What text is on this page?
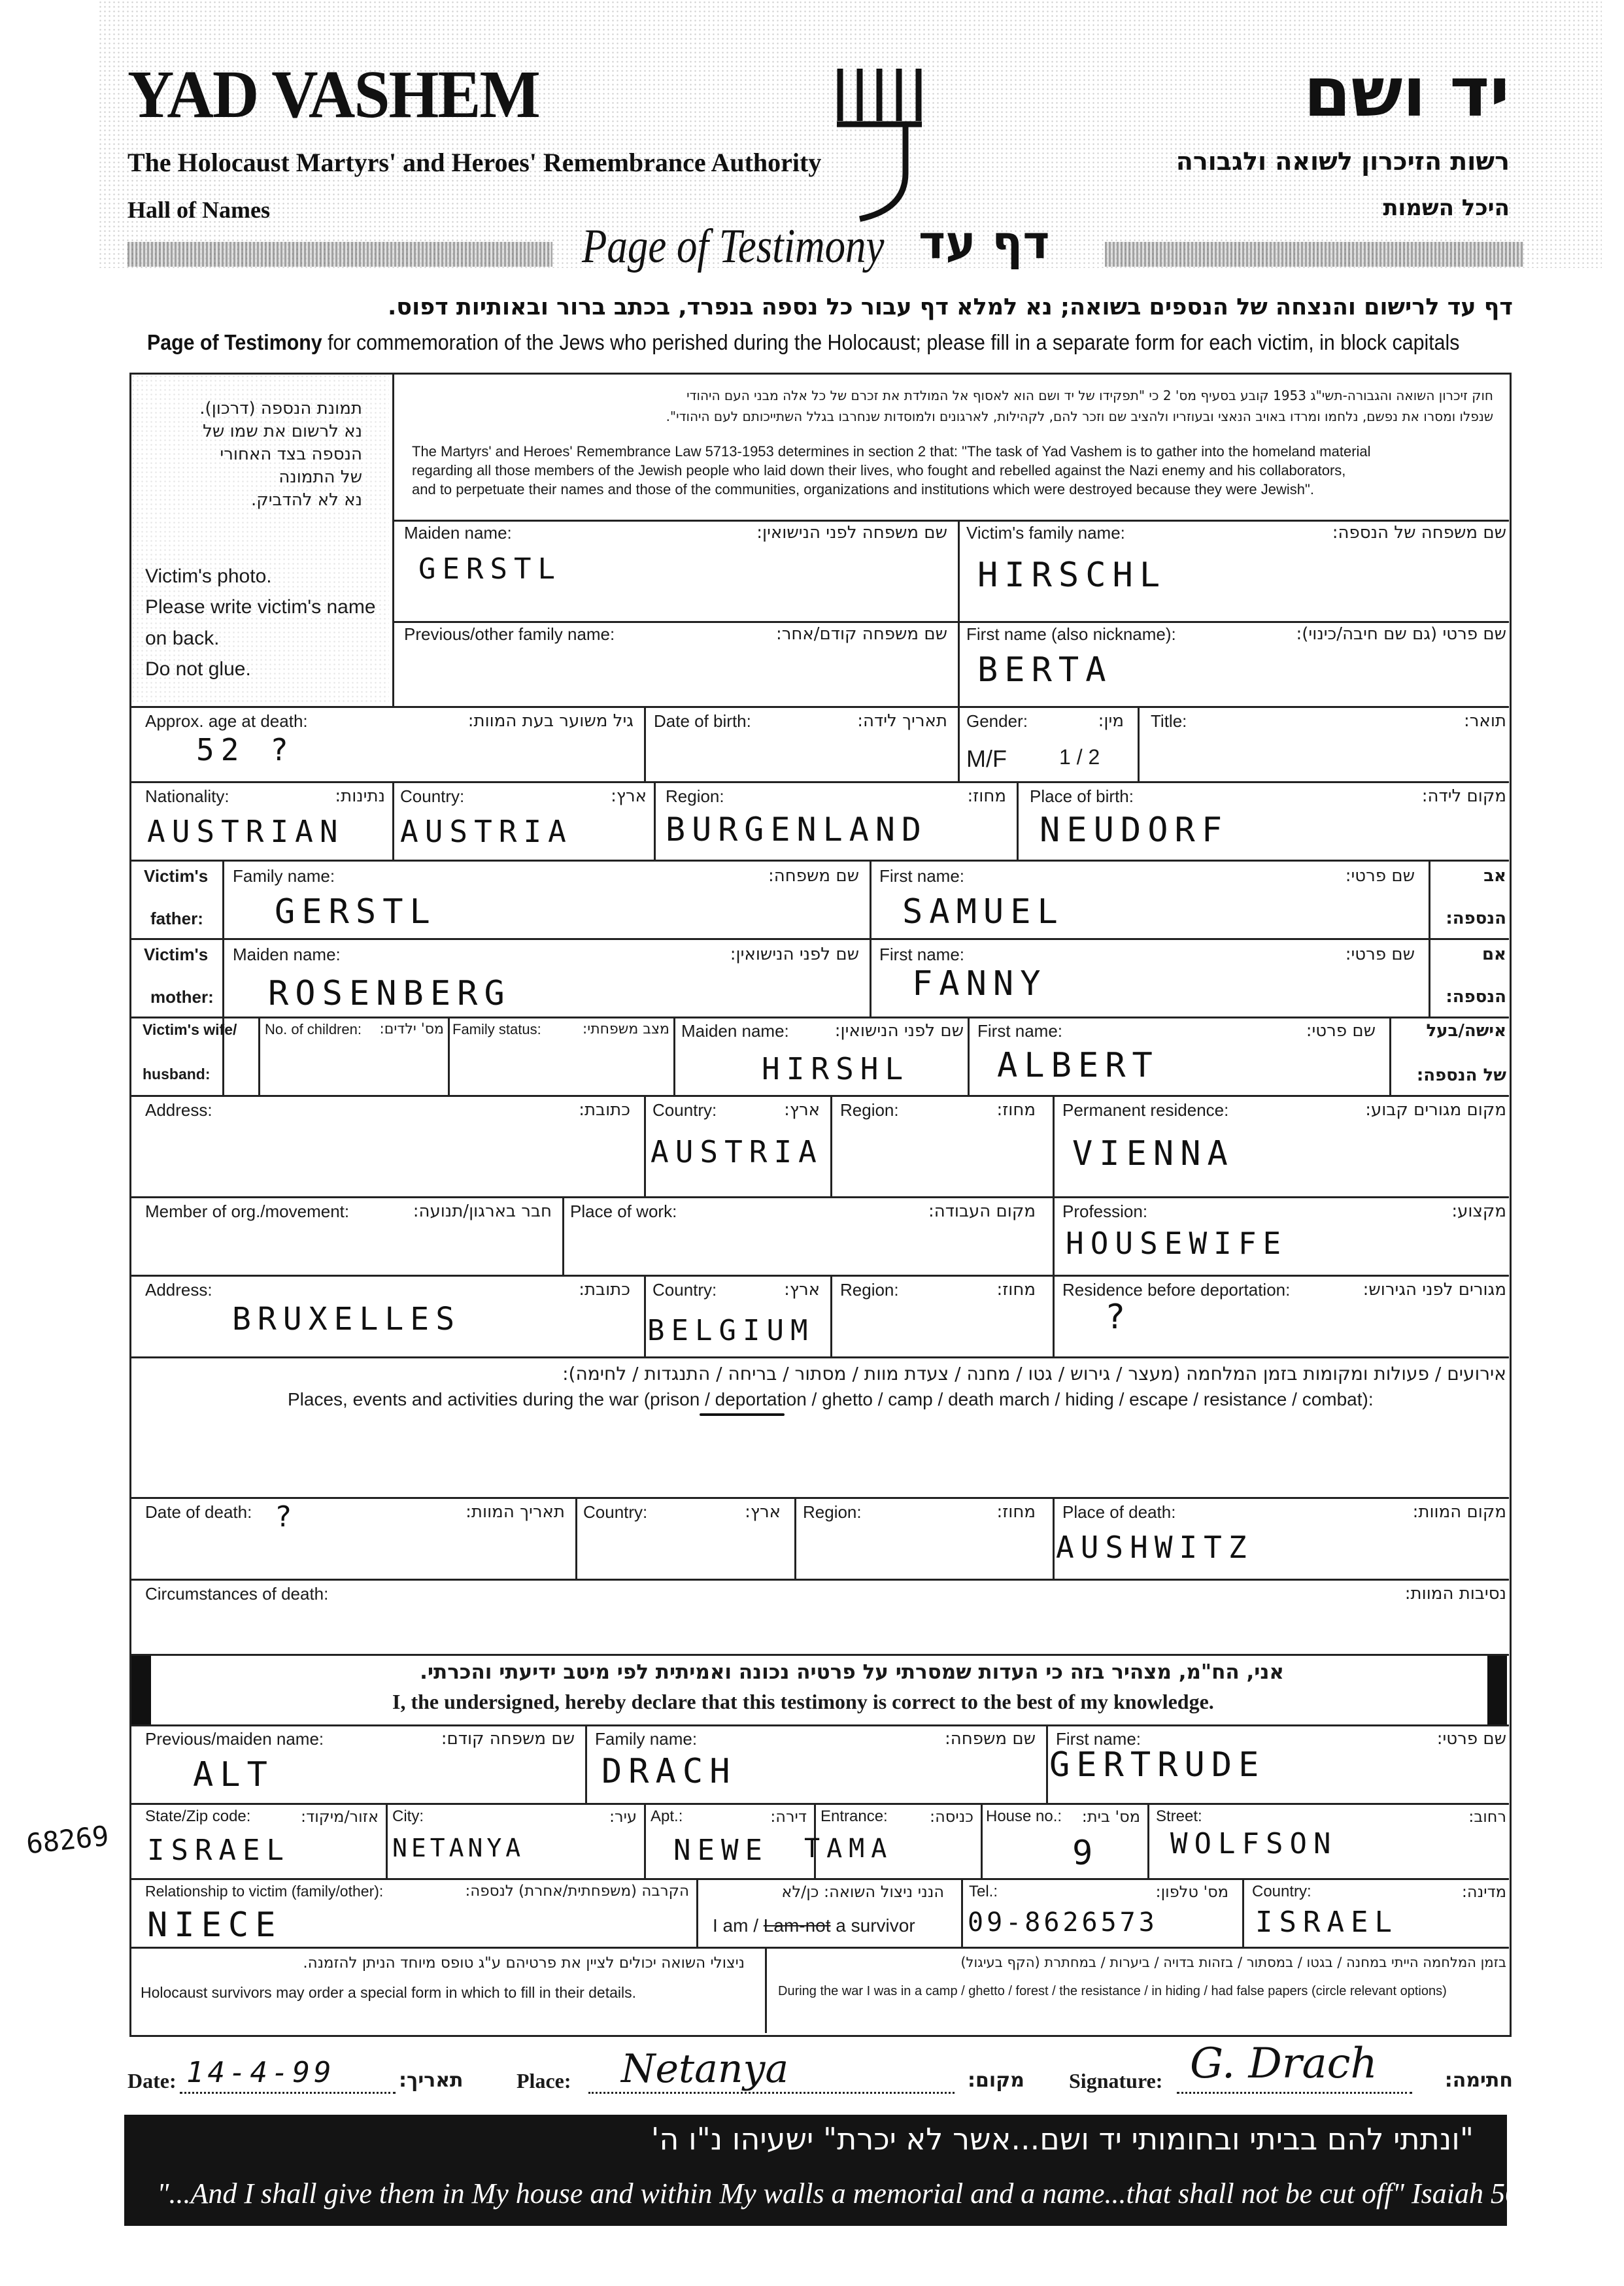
YAD VASHEM
The Holocaust Martyrs' and Heroes' Remembrance Authority
Hall of Names
יד ושם
רשות הזיכרון לשואה ולגבורה
היכל השמות
Page of Testimony דף עד
דף עד לרישום והנצחה של הנספים בשואה; נא למלא דף עבור כל נספה בנפרד, בכתב ברור ובאותיות דפוס.
Page of Testimony for commemoration of the Jews who perished during the Holocaust; please fill in a separate form for each victim, in block capitals
תמונת הנספה (דרכון).
נא לרשום את שמו של
הנספה בצד האחורי
של התמונה
נא לא להדביק.
Victim's photo.
Please write victim's name
on back.
Do not glue.
חוק זיכרון השואה והגבורה-תשי"ג 1953 קובע בסעיף מס' 2 כי "תפקידו של יד ושם הוא לאסוף אל המולדת את זכרם של כל אלה מבני העם היהודי
שנפלו ומסרו את נפשם, נלחמו ומרדו באויב הנאצי ובעוזריו ולהציב שם וזכר להם, לקהילות, לארגונים ולמוסדות שנחרבו בגלל השתייכותם לעם היהודי".
The Martyrs' and Heroes' Remembrance Law 5713-1953 determines in section 2 that: "The task of Yad Vashem is to gather into the homeland material
regarding all those members of the Jewish people who laid down their lives, who fought and rebelled against the Nazi enemy and his collaborators,
and to perpetuate their names and those of the communities, organizations and institutions which were destroyed because they were Jewish".
Maiden name:	שם משפחה לפני הנישואין:
GERSTL
Victim's family name:	שם משפחה של הנספה:
HIRSCHL
Previous/other family name:	שם משפחה קודם/אחר: First name (also nickname):	שם פרטי (גם שם חיבה/כינוי):
BERTA
Approx. age at death:	גיל משוער בעת המוות:
52 ?
Date of birth:	תאריך לידה: Gender:	מין:
M/F	1 / 2
Title:	תואר:
Nationality:	נתינות:
AUSTRIAN
Country:	ארץ:
AUSTRIA
Region:	מחוז:
BURGENLAND
Place of birth:	מקום לידה:
NEUDORF
Victim's
father:
Family name:	שם משפחה:
GERSTL
First name:	שם פרטי:
SAMUEL
אב
הנספה:
Victim's
mother:
Maiden name:	שם לפני הנישואין:
ROSENBERG
First name:	שם פרטי:
FANNY
אם
הנספה:
Victim's wife/
husband:
No. of children: מס' ילדים: Family status:	מצב משפחתי: Maiden name:	שם לפני הנישואין:
HIRSHL
First name:	שם פרטי:
ALBERT
אישה/בעל
של הנספה:
Address:	כתובת: Country:	ארץ:
AUSTRIA
Region:	מחוז: Permanent residence:	מקום מגורים קבוע:
VIENNA
Member of org./movement:	חבר בארגון/תנועה: Place of work:	מקום העבודה: Profession:	מקצוע:
HOUSEWIFE
Address:	כתובת:
BRUXELLES
Country:	ארץ:
BELGIUM
Region:	מחוז: Residence before deportation:	מגורים לפני הגירוש:
?
אירועים / פעולות ומקומות בזמן המלחמה (מעצר / גירוש / גטו / מחנה / צעדת מוות / מסתור / בריחה / התנגדות / לחימה):
Places, events and activities during the war (prison / deportation / ghetto / camp / death march / hiding / escape / resistance / combat):
Date of death:	תאריך המוות:
?	Country:	ארץ: Region:	מחוז: Place of death:	מקום המוות:
AUSHWITZ
Circumstances of death:	נסיבות המוות:
אני, הח"מ, מצהיר בזה כי העדות שמסרתי על פרטיה נכונה ואמיתית לפי מיטב ידיעתי והכרתי.
I, the undersigned, hereby declare that this testimony is correct to the best of my knowledge.
Previous/maiden name:	שם משפחה קודם:
ALT
Family name:	שם משפחה:
DRACH
First name:	שם פרטי:
GERTRUDE
State/Zip code:	אזור/מיקוד:
ISRAEL
City:	עיר:
NETANYA
Apt.:	דירה:
NEWE
Entrance:	כניסה:
TAMA
House no.: מס' בית:
9
Street:	רחוב:
WOLFSON
68269
Relationship to victim (family/other):	הקרבה (משפחתית/אחרת) לנספה:
NIECE
הנני ניצול השואה: כן/לא
I am / Lam-not a survivor
Tel.:	מס' טלפון:
09-8626573
Country:	מדינה:
ISRAEL
ניצולי השואה יכולים לציין את פרטיהם ע"ג טופס מיוחד הניתן להזמנה.
Holocaust survivors may order a special form in which to fill in their details.
בזמן המלחמה הייתי במחנה / בגטו / במסתור / בזהות בדויה / ביערות / במחתרת (הקף בעיגול)
During the war I was in a camp / ghetto / forest / the resistance / in hiding / had false papers (circle relevant options)
Date: 14-4-99	תאריך:	Place: Netanya	מקום: Signature: G. Drach	חתימה:
"ונתתי להם בביתי ובחומותי יד ושם...אשר לא יכרת" ישעיהו נ"ו ה'
"...And I shall give them in My house and within My walls a memorial and a name...that shall not be cut off" Isaiah 56:5
